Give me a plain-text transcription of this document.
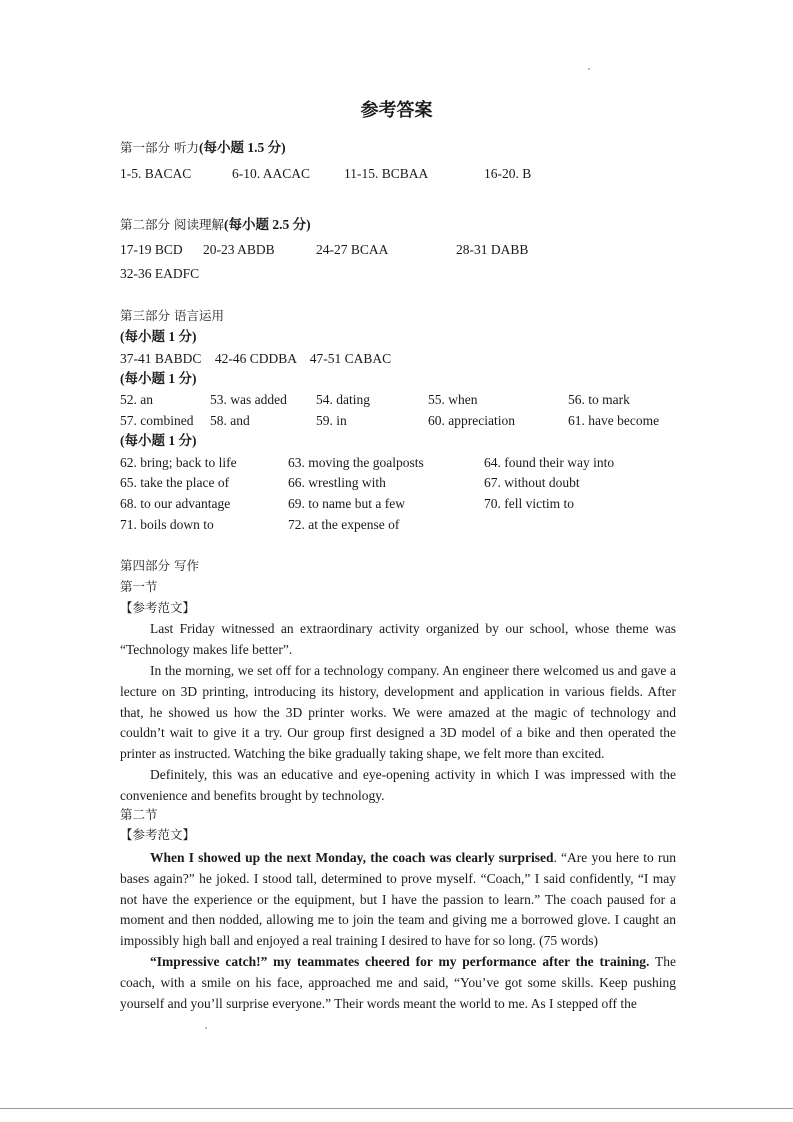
参考答案
第一部分 听力(每小题 1.5 分)
1-5. BACAC	6-10. AACAC	11-15. BCBAA	16-20. B
第二部分 阅读理解(每小题 2.5 分)
17-19 BCD 20-23 ABDB	24-27 BCAA	28-31 DABB
32-36 EADFC
第三部分 语言运用
(每小题 1 分)
37-41 BABDC    42-46 CDDBA    47-51 CABAC
(每小题 1 分)
52. an	53. was added 54. dating	55. when	56. to mark
57. combined 58. and	59. in	60. appreciation	61. have become
(每小题 1 分)
62. bring; back to life	63. moving the goalposts	64. found their way into
65. take the place of	66. wrestling with	67. without doubt
68. to our advantage	69. to name but a few	70. fell victim to
71. boils down to	72. at the expense of
第四部分 写作
第一节
【参考范文】
Last Friday witnessed an extraordinary activity organized by our school, whose theme was “Technology makes life better”.
In the morning, we set off for a technology company. An engineer there welcomed us and gave a lecture on 3D printing, introducing its history, development and application in various fields. After that, he showed us how the 3D printer works. We were amazed at the magic of technology and couldn’t wait to give it a try. Our group first designed a 3D model of a bike and then operated the printer as instructed. Watching the bike gradually taking shape, we felt more than excited.
Definitely, this was an educative and eye-opening activity in which I was impressed with the convenience and benefits brought by technology.
第二节
【参考范文】
When I showed up the next Monday, the coach was clearly surprised. “Are you here to run bases again?” he joked. I stood tall, determined to prove myself. “Coach,” I said confidently, “I may not have the experience or the equipment, but I have the passion to learn.” The coach paused for a moment and then nodded, allowing me to join the team and giving me a borrowed glove. I caught an impossibly high ball and enjoyed a real training I desired to have for so long. (75 words)
“Impressive catch!” my teammates cheered for my performance after the training. The coach, with a smile on his face, approached me and said, “You’ve got some skills. Keep pushing yourself and you’ll surprise everyone.” Their words meant the world to me. As I stepped off the
